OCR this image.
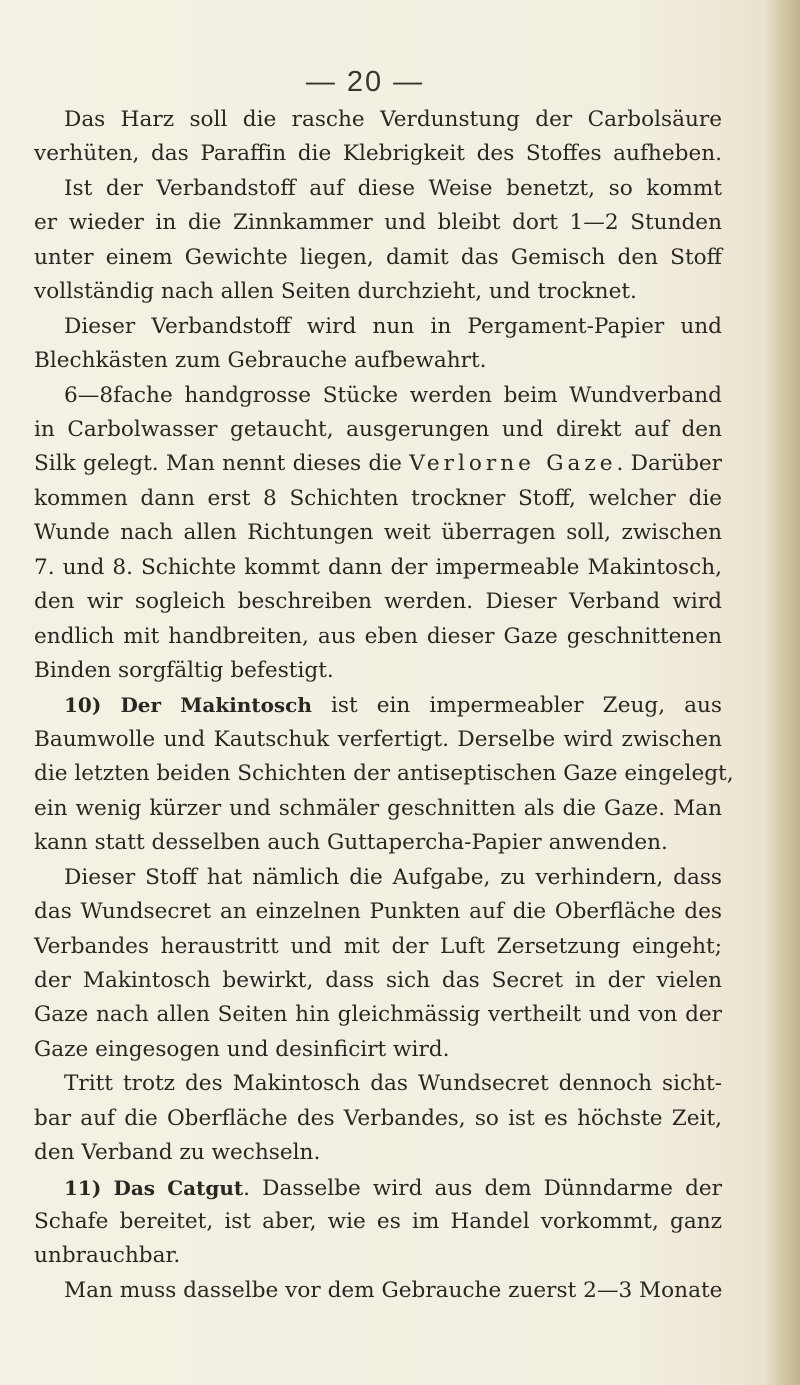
— 20 —
Das Harz soll die rasche Verdunstung der Carbolsäure
verhüten, das Paraffin die Klebrigkeit des Stoffes aufheben.
Ist der Verbandstoff auf diese Weise benetzt, so kommt
er wieder in die Zinnkammer und bleibt dort 1—2 Stunden
unter einem Gewichte liegen, damit das Gemisch den Stoff
vollständig nach allen Seiten durchzieht, und trocknet.
Dieser Verbandstoff wird nun in Pergament-Papier und
Blechkästen zum Gebrauche aufbewahrt.
6—8fache handgrosse Stücke werden beim Wundverband
in Carbolwasser getaucht, ausgerungen und direkt auf den
Silk gelegt. Man nennt dieses die Verlorne Gaze. Darüber
kommen dann erst 8 Schichten trockner Stoff, welcher die
Wunde nach allen Richtungen weit überragen soll, zwischen
7. und 8. Schichte kommt dann der impermeable Makintosch,
den wir sogleich beschreiben werden. Dieser Verband wird
endlich mit handbreiten, aus eben dieser Gaze geschnittenen
Binden sorgfältig befestigt.
10) Der Makintosch ist ein impermeabler Zeug, aus
Baumwolle und Kautschuk verfertigt. Derselbe wird zwischen
die letzten beiden Schichten der antiseptischen Gaze eingelegt,
ein wenig kürzer und schmäler geschnitten als die Gaze. Man
kann statt desselben auch Guttapercha-Papier anwenden.
Dieser Stoff hat nämlich die Aufgabe, zu verhindern, dass
das Wundsecret an einzelnen Punkten auf die Oberfläche des
Verbandes heraustritt und mit der Luft Zersetzung eingeht;
der Makintosch bewirkt, dass sich das Secret in der vielen
Gaze nach allen Seiten hin gleichmässig vertheilt und von der
Gaze eingesogen und desinficirt wird.
Tritt trotz des Makintosch das Wundsecret dennoch sicht-
bar auf die Oberfläche des Verbandes, so ist es höchste Zeit,
den Verband zu wechseln.
11) Das Catgut. Dasselbe wird aus dem Dünndarme der
Schafe bereitet, ist aber, wie es im Handel vorkommt, ganz
unbrauchbar.
Man muss dasselbe vor dem Gebrauche zuerst 2—3 Monate
